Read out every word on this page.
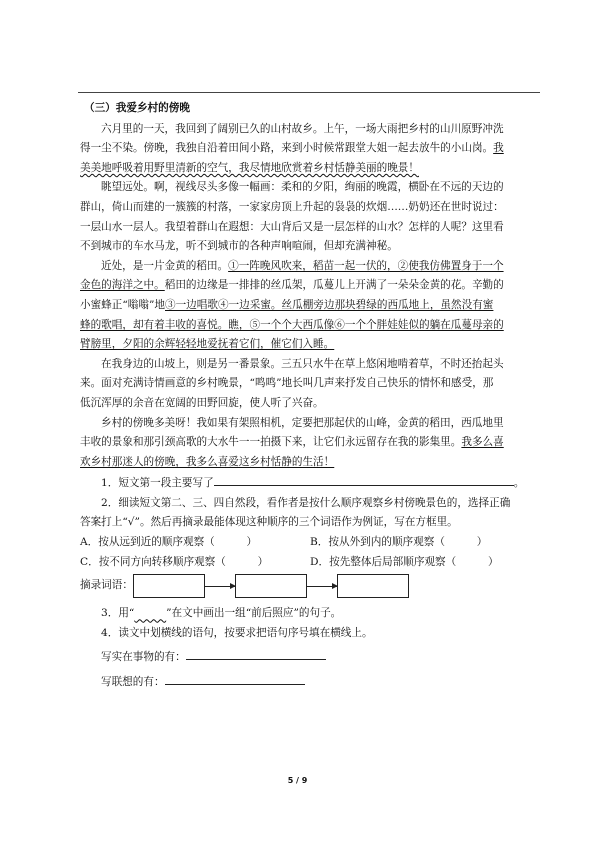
（三）我爱乡村的傍晚
六月里的一天，我回到了阔别已久的山村故乡。上午，一场大雨把乡村的山川原野冲洗
得一尘不染。傍晚，我独自沿着田间小路，来到小时候常跟堂大姐一起去放牛的小山岗。我
美美地呼吸着用野里清新的空气，我尽情地欣赏着乡村恬静美丽的晚景！
眺望远处。啊，视线尽头多像一幅画：柔和的夕阳，绚丽的晚霞，横卧在不远的天边的
群山，倚山而建的一簇簇的村落，一家家房顶上升起的袅袅的炊烟……奶奶还在世时说过：
一层山水一层人。我望着群山在遐想：大山背后又是一层怎样的山水？怎样的人呢？这里看
不到城市的车水马龙，听不到城市的各种声响喧闹，但却充满神秘。
近处，是一片金黄的稻田。①一阵晚风吹来，稻苗一起一伏的，②使我仿佛置身于一个
金色的海洋之中。稻田的边缘是一排排的丝瓜架，瓜蔓儿上开满了一朵朵金黄的花。辛勤的
小蜜蜂正“嗡嗡”地③一边唱歌④一边采蜜。丝瓜棚旁边那块碧绿的西瓜地上，虽然没有蜜
蜂的歌唱，却有着丰收的喜悦。瞧，⑤一个个大西瓜像⑥一个个胖娃娃似的躺在瓜蔓母亲的
臂膀里，夕阳的余辉轻轻地爱抚着它们，催它们入睡。
在我身边的山坡上，则是另一番景象。三五只水牛在草上悠闲地啃着草，不时还抬起头
来。面对充满诗情画意的乡村晚景，“鸣鸣”地长叫几声来抒发自己快乐的情怀和感受，那
低沉浑厚的余音在宽阔的田野回旋，使人听了兴奋。
乡村的傍晚多美呀！我如果有架照相机，定要把那起伏的山峰，金黄的稻田，西瓜地里
丰收的景象和那引颈高歌的大水牛一一拍摄下来，让它们永远留存在我的影集里。我多么喜
欢乡村那迷人的傍晚，我多么喜爱这乡村恬静的生活！
1．短文第一段主要写了	。
2．细读短文第二、三、四自然段，看作者是按什么顺序观察乡村傍晚景色的，选择正确
答案打上“√”。然后再摘录最能体现这种顺序的三个词语作为例证，写在方框里。
A．按从远到近的顺序观察（　　　）	B．按从外到内的顺序观察（　　　）
C．按不同方向转移顺序观察（　　　）	D．按先整体后局部顺序观察（　　　）
摘录词语：
3．用“　　　	”在文中画出一组“前后照应”的句子。
4．读文中划横线的语句，按要求把语句序号填在横线上。
写实在事物的有：
写联想的有：
5 / 9
